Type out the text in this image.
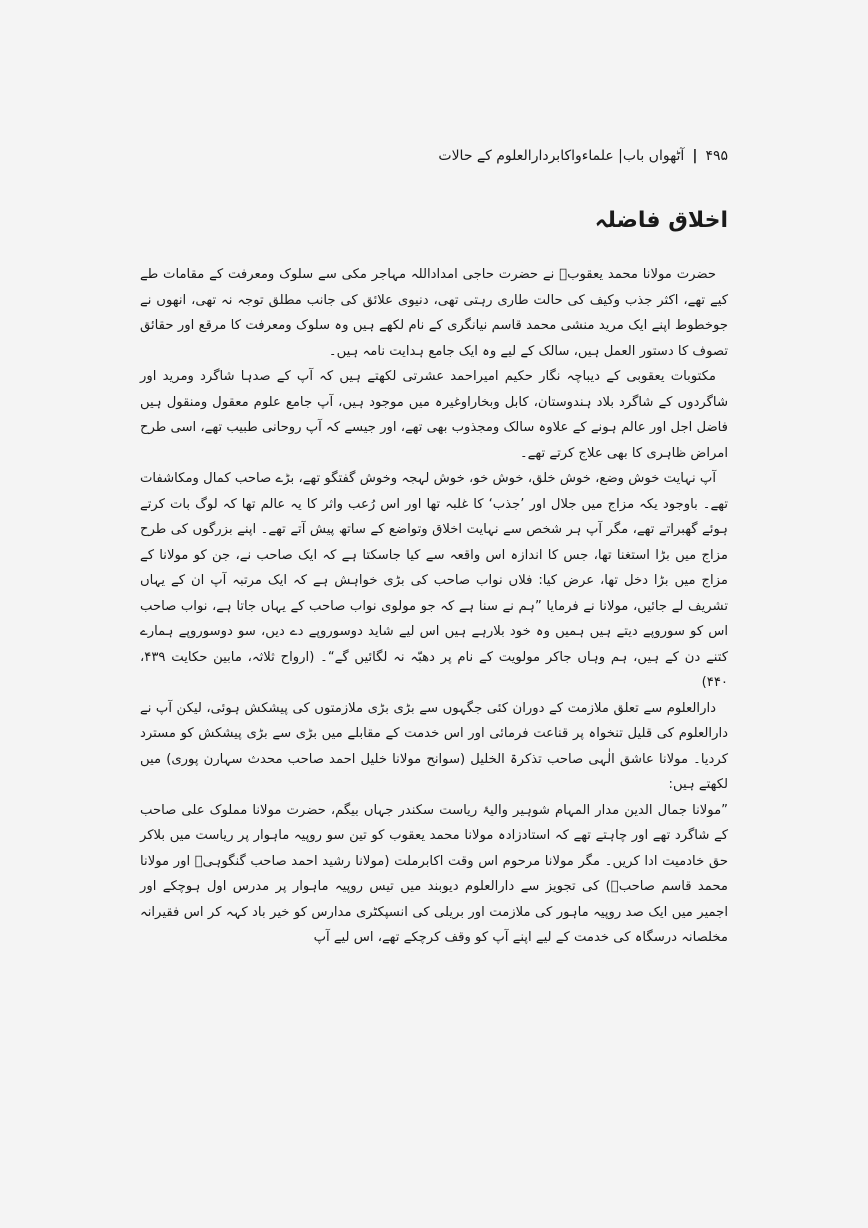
۴۹۵
|
آٹھواں باب| علماءواکابردارالعلوم کے حالات
اخلاق فاضلہ

حضرت مولانا محمد یعقوبؒ نے حضرت حاجی امداداللہ مہاجر مکی سے سلوک ومعرفت کے مقامات طے کیے تھے، اکثر جذب وکیف کی حالت طاری رہتی تھی، دنیوی علائق کی جانب مطلق توجہ نہ تھی، انھوں نے جوخطوط اپنے ایک مرید منشی محمد قاسم نیانگری کے نام لکھے ہیں وہ سلوک ومعرفت کا مرقع اور حقائق تصوف کا دستور العمل ہیں، سالک کے لیے وہ ایک جامع ہدایت نامہ ہیں۔

مکتوبات یعقوبی کے دیباچہ نگار حکیم امیراحمد عشرتی لکھتے ہیں کہ آپ کے صدہا شاگرد ومرید اور شاگردوں کے شاگرد بلاد ہندوستان، کابل وبخاراوغیرہ میں موجود ہیں، آپ جامع علوم معقول ومنقول ہیں فاضل اجل اور عالم ہونے کے علاوہ سالک ومجذوب بھی تھے، اور جیسے کہ آپ روحانی طبیب تھے، اسی طرح امراض ظاہری کا بھی علاج کرتے تھے۔

آپ نہایت خوش وضع، خوش خلق، خوش خو، خوش لہجہ وخوش گفتگو تھے، بڑے صاحب کمال ومکاشفات تھے۔ باوجود یکہ مزاج میں جلال اور ’جذب‘ کا غلبہ تھا اور اس رُعب واثر کا یہ عالم تھا کہ لوگ بات کرتے ہوئے گھبراتے تھے، مگر آپ ہر شخص سے نہایت اخلاق وتواضع کے ساتھ پیش آتے تھے۔ اپنے بزرگوں کی طرح مزاج میں بڑا استغنا تھا، جس کا اندازہ اس واقعہ سے کیا جاسکتا ہے کہ ایک صاحب نے، جن کو مولانا کے مزاج میں بڑا دخل تھا، عرض کیا: فلاں نواب صاحب کی بڑی خواہش ہے کہ ایک مرتبہ آپ ان کے یہاں تشریف لے جائیں، مولانا نے فرمایا ”ہم نے سنا ہے کہ جو مولوی نواب صاحب کے یہاں جاتا ہے، نواب صاحب اس کو سوروپے دیتے ہیں ہمیں وہ خود بلارہے ہیں اس لیے شاید دوسوروپے دے دیں، سو دوسوروپے ہمارے کتنے دن کے ہیں، ہم وہاں جاکر مولویت کے نام پر دھبّہ نہ لگائیں گے“۔ (ارواح ثلاثہ، مابین حکایت ۴۳۹، ۴۴۰)

دارالعلوم سے تعلق ملازمت کے دوران کئی جگہوں سے بڑی بڑی ملازمتوں کی پیشکش ہوئی، لیکن آپ نے دارالعلوم کی قلیل تنخواہ پر قناعت فرمائی اور اس خدمت کے مقابلے میں بڑی سے بڑی پیشکش کو مسترد کردیا۔ مولانا عاشق الٰہی صاحب تذکرۃ الخلیل (سوانح مولانا خلیل احمد صاحب محدث سہارن پوری) میں لکھتے ہیں:

”مولانا جمال الدین مدار المہام شوہیر والیۂ ریاست سکندر جہاں بیگم، حضرت مولانا مملوک علی صاحب کے شاگرد تھے اور چاہتے تھے کہ استادزادہ مولانا محمد یعقوب کو تین سو روپیہ ماہوار پر ریاست میں بلاکر حق خادمیت ادا کریں۔ مگر مولانا مرحوم اس وقت اکابرملت (مولانا رشید احمد صاحب گنگوہیؒ اور مولانا محمد قاسم صاحبؒ) کی تجویز سے دارالعلوم دیوبند میں تیس روپیہ ماہوار پر مدرس اول ہوچکے اور اجمیر میں ایک صد روپیہ ماہور کی ملازمت اور بریلی کی انسپکٹری مدارس کو خیر باد کہہ کر اس فقیرانہ مخلصانہ درسگاہ کی خدمت کے لیے اپنے آپ کو وقف کرچکے تھے، اس لیے آپ
